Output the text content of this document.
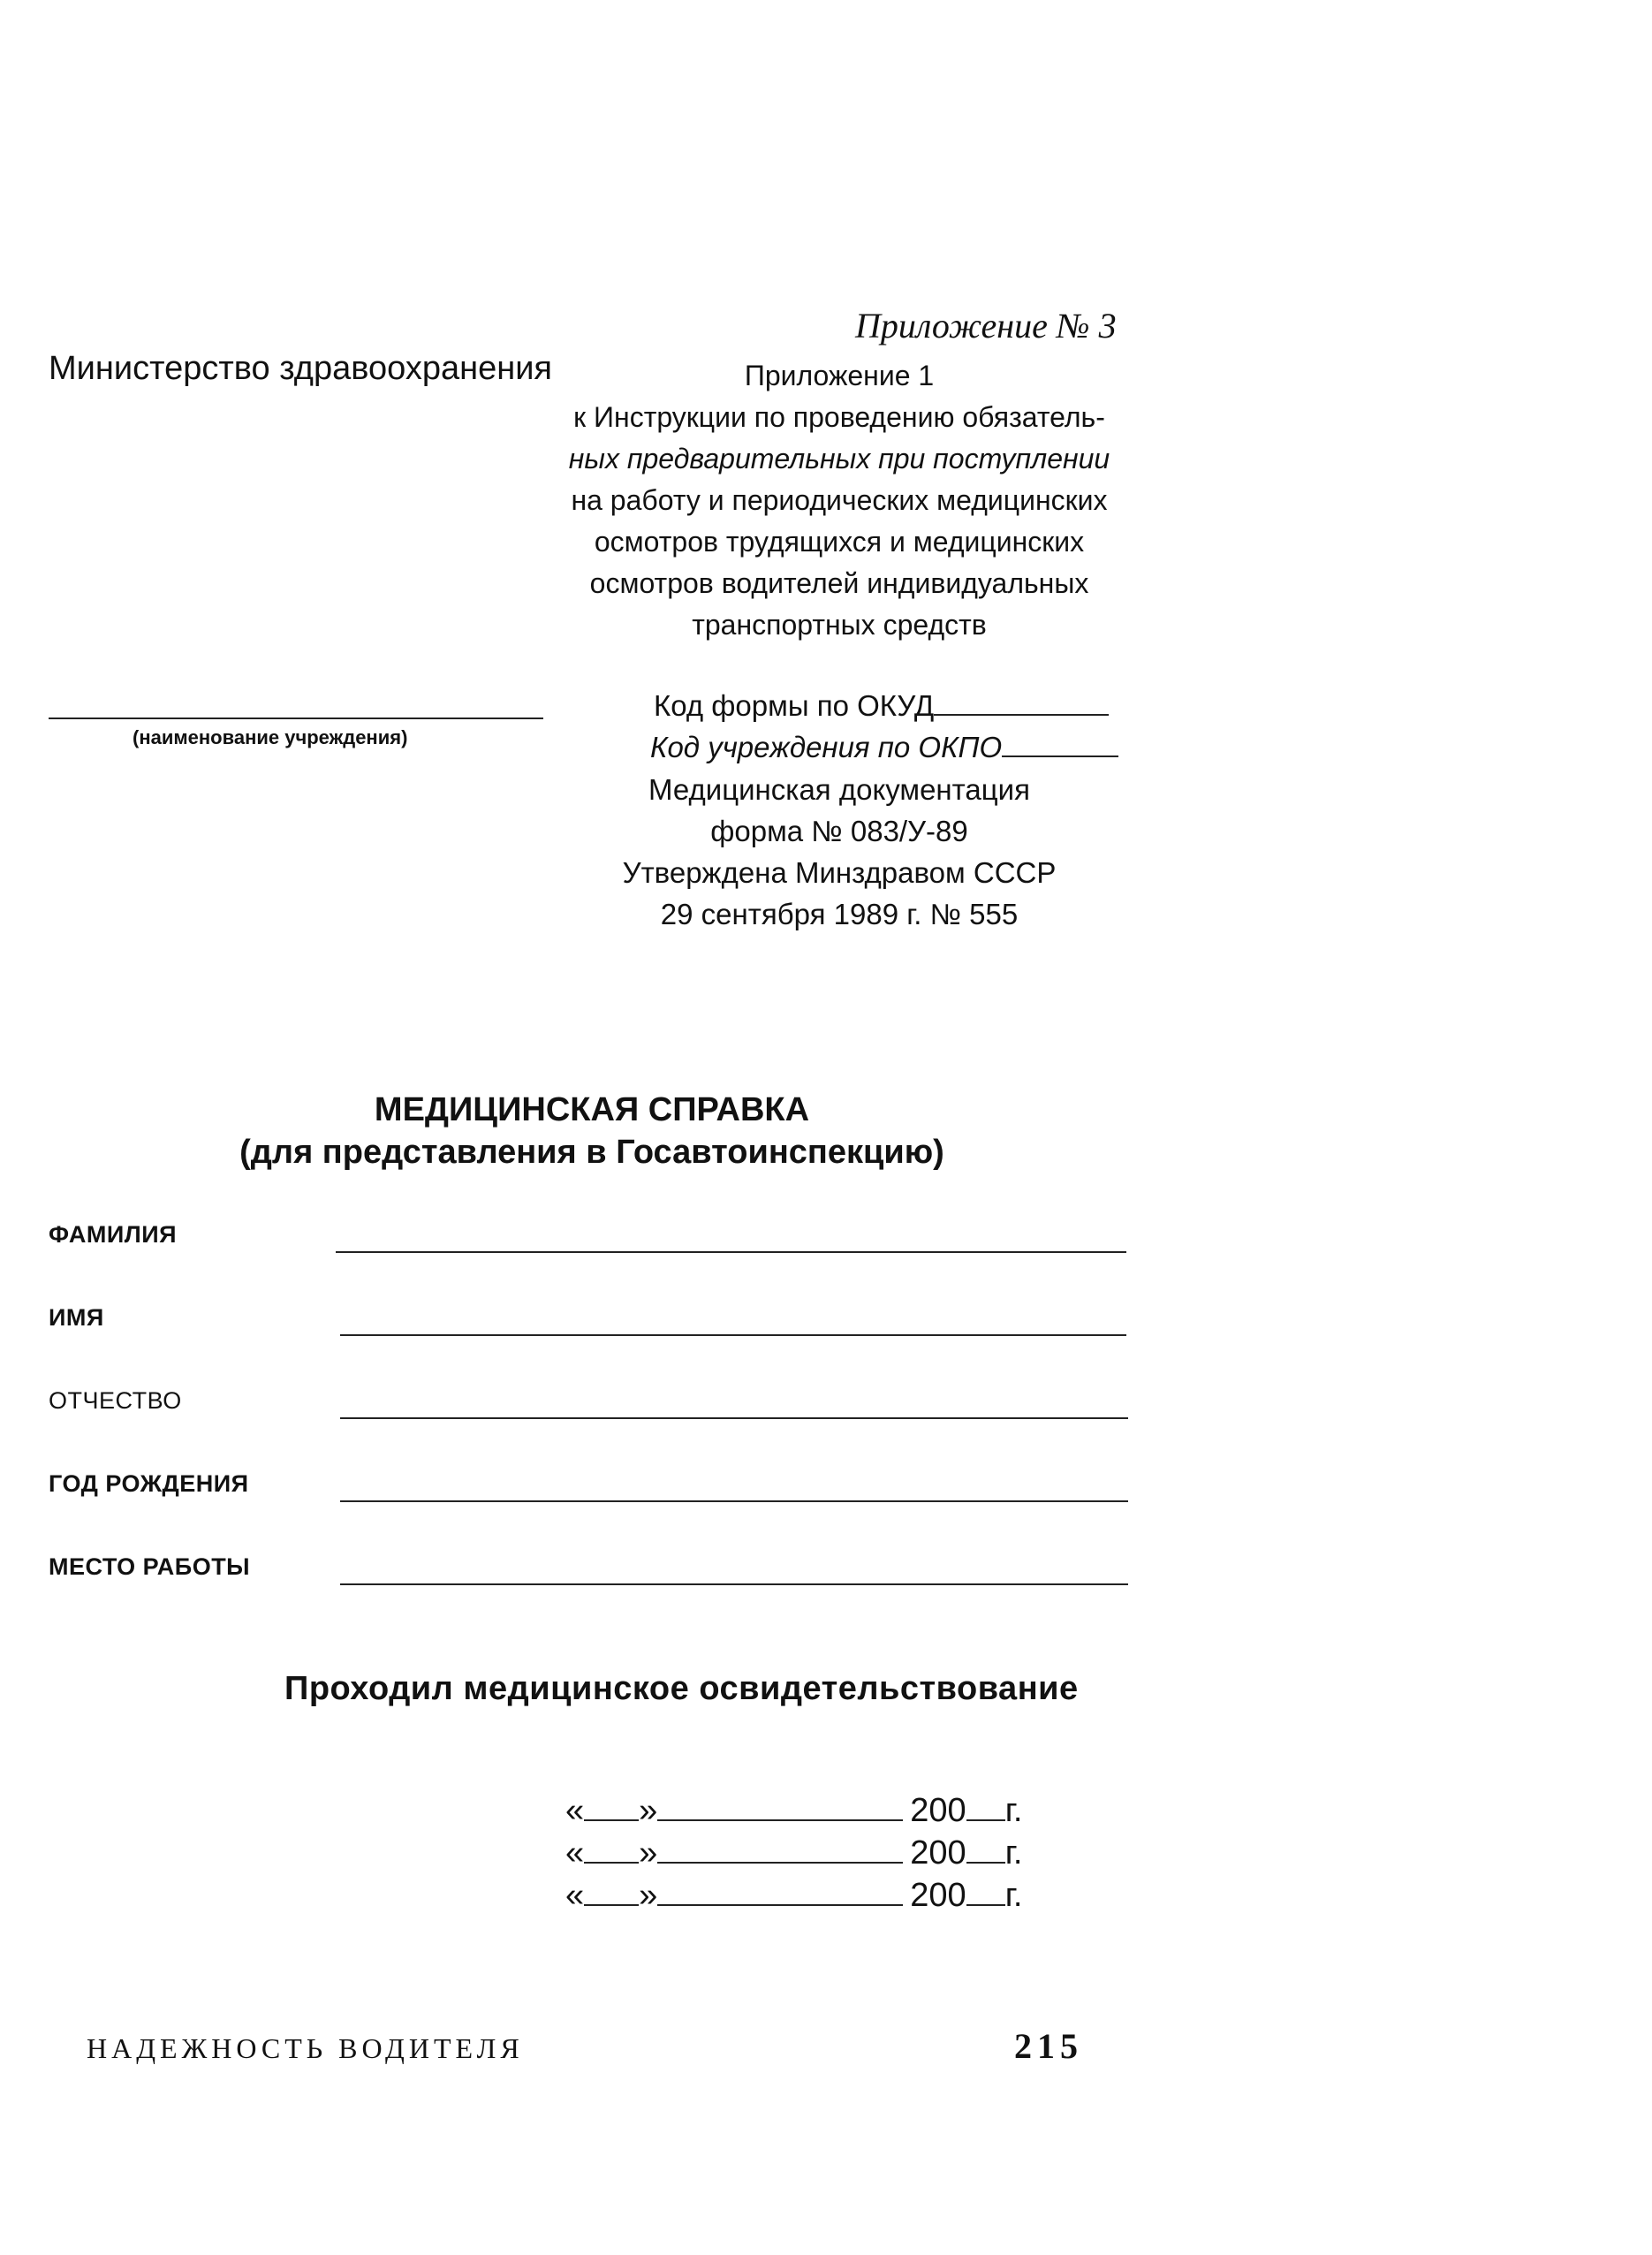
Приложение № 3
Министерство здравоохранения	Приложение 1
к Инструкции по проведению обязатель-
ных предварительных при поступлении
на работу и периодических медицинских
осмотров трудящихся и медицинских
осмотров водителей индивидуальных
транспортных средств
(наименование учреждения)
Код формы по ОКУД
Код учреждения по ОКПО
Медицинская документация
форма № 083/У-89
Утверждена Минздравом СССР
29 сентября 1989 г. № 555
МЕДИЦИНСКАЯ СПРАВКА
(для представления в Госавтоинспекцию)
ФАМИЛИЯ
ИМЯ
ОТЧЕСТВО
ГОД РОЖДЕНИЯ
МЕСТО РАБОТЫ
Проходил медицинское освидетельствование
« »	200 г.
« »	200 г.
« »	200 г.
НАДЕЖНОСТЬ ВОДИТЕЛЯ	215
